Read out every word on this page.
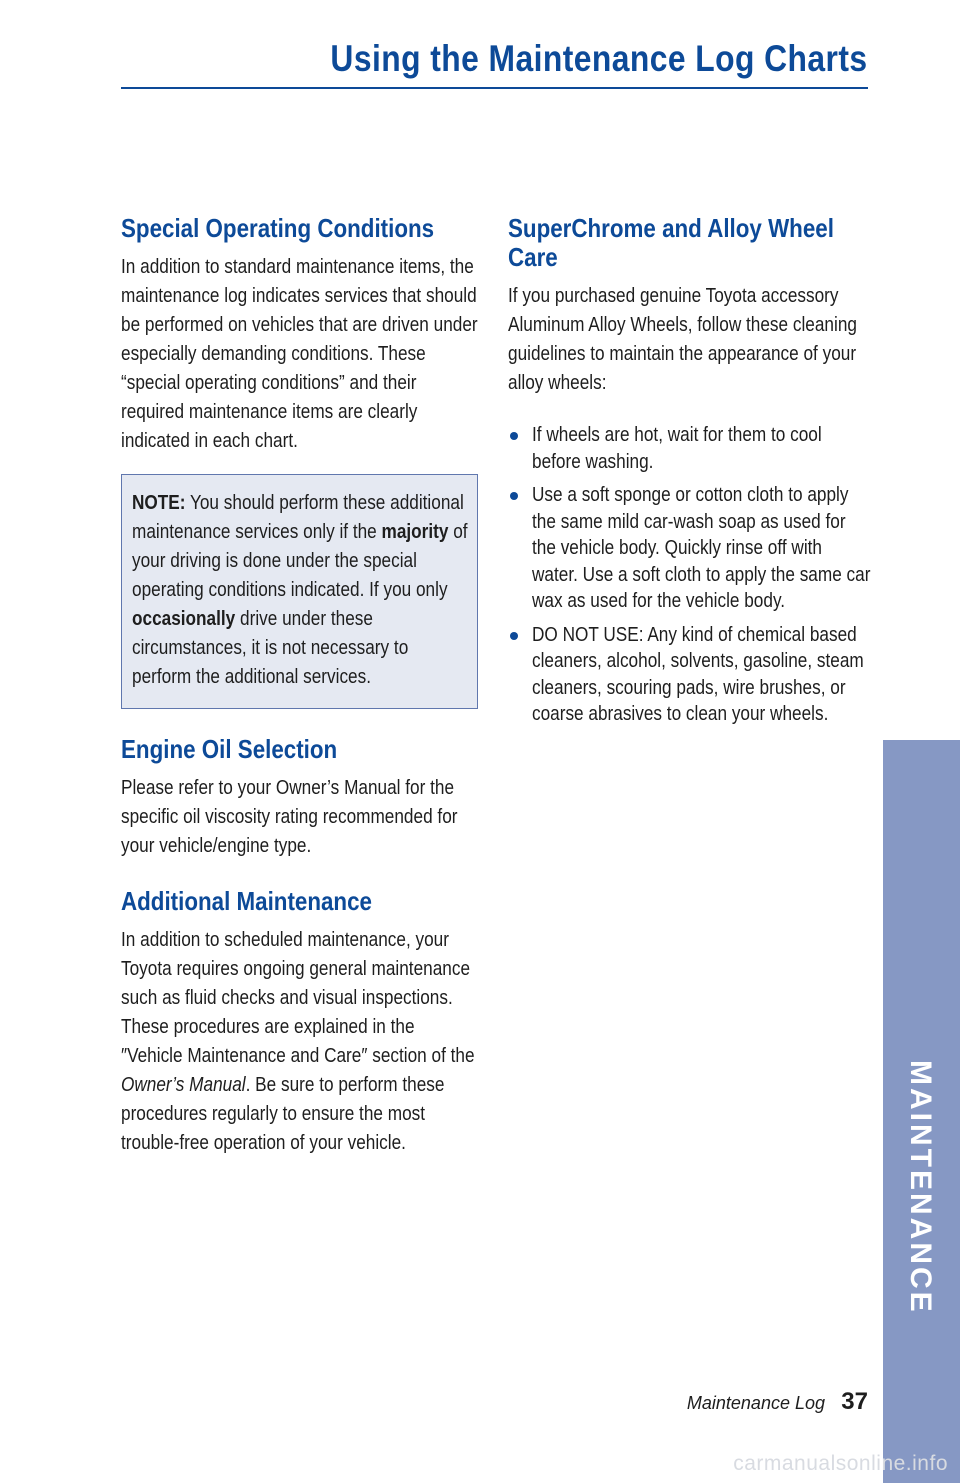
Using the Maintenance Log Charts
Special Operating Conditions

In addition to standard maintenance items, the maintenance log indicates services that should be performed on vehicles that are driven under especially demanding conditions. These “special operating conditions” and their required maintenance items are clearly indicated in each chart.

NOTE: You should perform these additional maintenance services only if the majority of your driving is done under the special operating conditions indicated. If you only occasionally drive under these circumstances, it is not necessary to perform the additional services.

Engine Oil Selection

Please refer to your Owner’s Manual for the specific oil viscosity rating recommended for your vehicle/engine type.

Additional Maintenance

In addition to scheduled maintenance, your Toyota requires ongoing general maintenance such as fluid checks and visual inspections. These procedures are explained in the ″Vehicle Maintenance and Care″ section of the Owner’s Manual. Be sure to perform these procedures regularly to ensure the most trouble-free operation of your vehicle.

SuperChrome and Alloy Wheel Care

If you purchased genuine Toyota accessory Aluminum Alloy Wheels, follow these cleaning guidelines to maintain the appearance of your alloy wheels:

If wheels are hot, wait for them to cool before washing.
Use a soft sponge or cotton cloth to apply the same mild car-wash soap as used for the vehicle body. Quickly rinse off with water. Use a soft cloth to apply the same car wax as used for the vehicle body.
DO NOT USE: Any kind of chemical based cleaners, alcohol, solvents, gasoline, steam cleaners, scouring pads, wire brushes, or coarse abrasives to clean your wheels.
Maintenance Log 37
carmanualsonline.info
